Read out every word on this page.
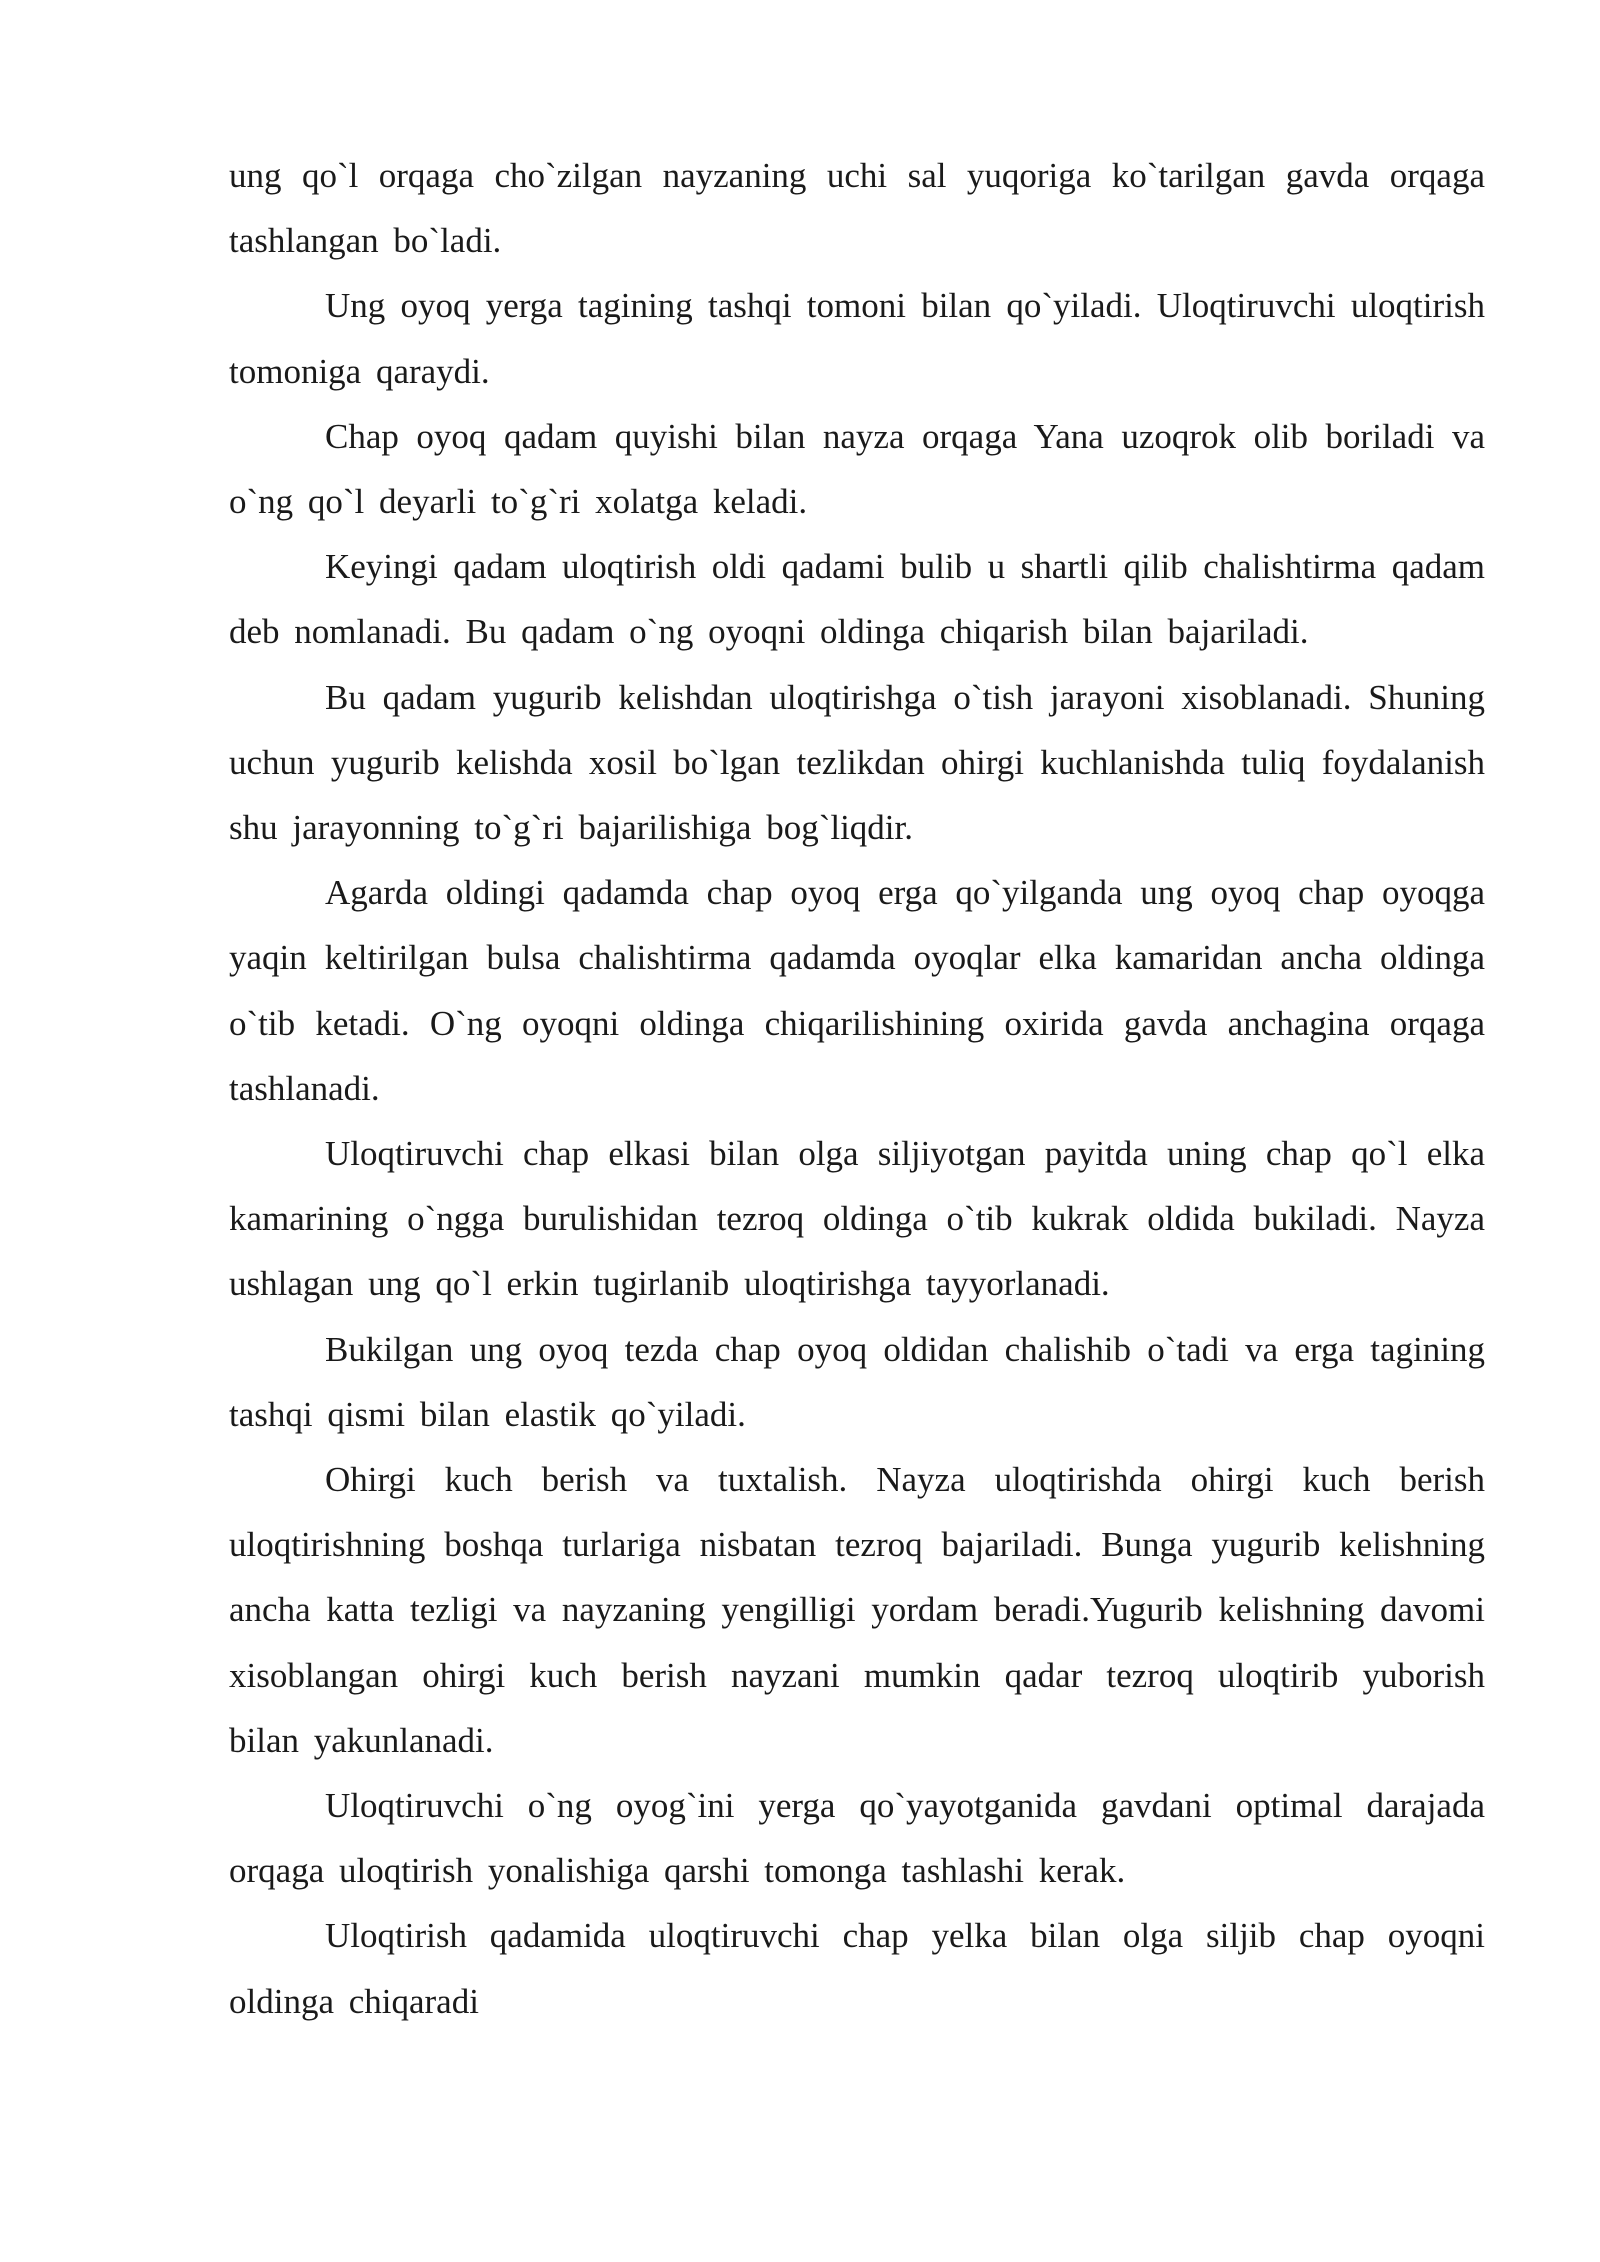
ung qo`l orqaga cho`zilgan nayzaning uchi sal yuqoriga ko`tarilgan gavda orqaga tashlangan bo`ladi.

Ung oyoq yerga tagining tashqi tomoni bilan qo`yiladi. Uloqtiruvchi uloqtirish tomoniga qaraydi.

Chap oyoq qadam quyishi bilan nayza orqaga Yana uzoqrok olib boriladi va o`ng qo`l deyarli to`g`ri xolatga keladi.

Keyingi qadam uloqtirish oldi qadami bulib u shartli qilib chalishtirma qadam deb nomlanadi. Bu qadam o`ng oyoqni oldinga chiqarish bilan bajariladi.

Bu qadam yugurib kelishdan uloqtirishga o`tish jarayoni xisoblanadi. Shuning uchun yugurib kelishda xosil bo`lgan tezlikdan ohirgi kuchlanishda tuliq foydalanish shu jarayonning to`g`ri bajarilishiga bog`liqdir.

Agarda oldingi qadamda chap oyoq erga qo`yilganda ung oyoq chap oyoqga yaqin keltirilgan bulsa chalishtirma qadamda oyoqlar elka kamaridan ancha oldinga o`tib ketadi. O`ng oyoqni oldinga chiqarilishining oxirida gavda anchagina orqaga tashlanadi.

Uloqtiruvchi chap elkasi bilan olga siljiyotgan payitda uning chap qo`l elka kamarining o`ngga burulishidan tezroq oldinga o`tib kukrak oldida bukiladi. Nayza ushlagan ung qo`l erkin tugirlanib uloqtirishga tayyorlanadi.

Bukilgan ung oyoq tezda chap oyoq oldidan chalishib o`tadi va erga tagining tashqi qismi bilan elastik qo`yiladi.

Ohirgi kuch berish va tuxtalish. Nayza uloqtirishda ohirgi kuch berish uloqtirishning boshqa turlariga nisbatan tezroq bajariladi. Bunga yugurib kelishning ancha katta tezligi va nayzaning yengilligi yordam beradi.Yugurib kelishning davomi xisoblangan ohirgi kuch berish nayzani mumkin qadar tezroq uloqtirib yuborish bilan yakunlanadi.

Uloqtiruvchi o`ng oyog`ini yerga qo`yayotganida gavdani optimal darajada orqaga uloqtirish yonalishiga qarshi tomonga tashlashi kerak.

Uloqtirish qadamida uloqtiruvchi chap yelka bilan olga siljib chap oyoqni oldinga chiqaradi
